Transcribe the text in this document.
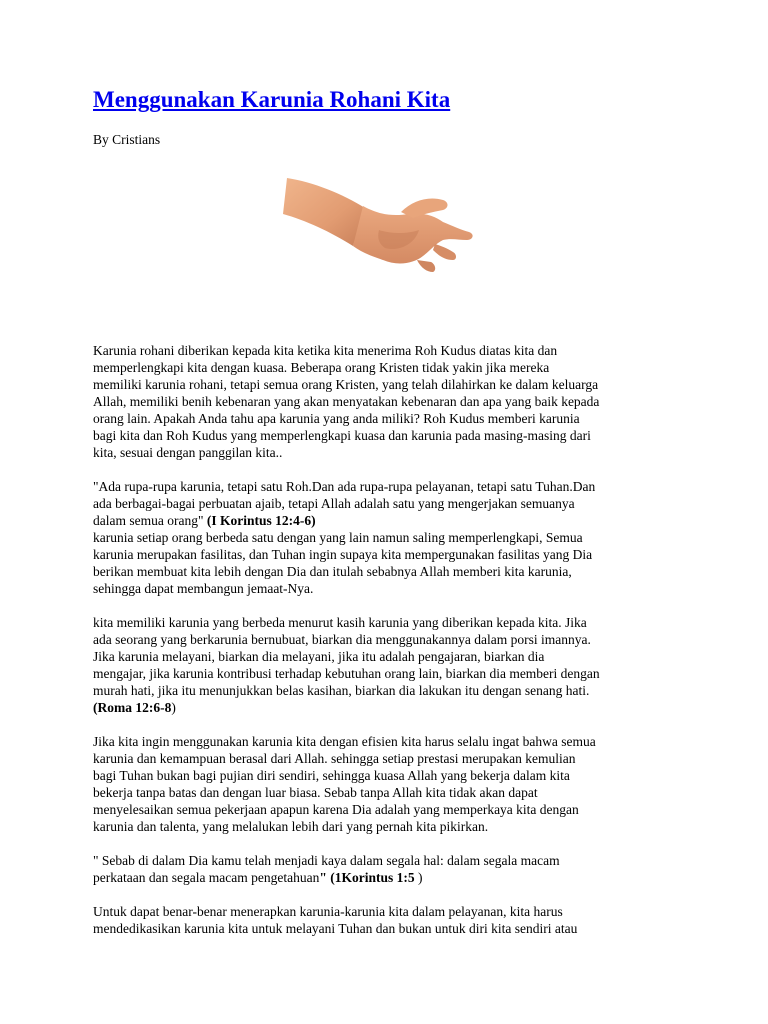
Menggunakan Karunia Rohani Kita
By Cristians
Karunia rohani diberikan kepada kita ketika kita menerima Roh Kudus diatas kita dan
memperlengkapi kita dengan kuasa. Beberapa orang Kristen tidak yakin jika mereka
memiliki karunia rohani, tetapi semua orang Kristen, yang telah dilahirkan ke dalam keluarga
Allah, memiliki benih kebenaran yang akan menyatakan kebenaran dan apa yang baik kepada
orang lain. Apakah Anda tahu apa karunia yang anda miliki? Roh Kudus memberi karunia
bagi kita dan Roh Kudus yang memperlengkapi kuasa dan karunia pada masing-masing dari
kita, sesuai dengan panggilan kita..
"Ada rupa-rupa karunia, tetapi satu Roh.Dan ada rupa-rupa pelayanan, tetapi satu Tuhan.Dan
ada berbagai-bagai perbuatan ajaib, tetapi Allah adalah satu yang mengerjakan semuanya
dalam semua orang" (I Korintus 12:4-6)
karunia setiap orang berbeda satu dengan yang lain namun saling memperlengkapi, Semua
karunia merupakan fasilitas, dan Tuhan ingin supaya kita mempergunakan fasilitas yang Dia
berikan membuat kita lebih dengan Dia dan itulah sebabnya Allah memberi kita karunia,
sehingga dapat membangun jemaat-Nya.
kita memiliki karunia yang berbeda menurut kasih karunia yang diberikan kepada kita. Jika
ada seorang yang berkarunia bernubuat, biarkan dia menggunakannya dalam porsi imannya.
Jika karunia melayani, biarkan dia melayani, jika itu adalah pengajaran, biarkan dia
mengajar, jika karunia kontribusi terhadap kebutuhan orang lain, biarkan dia memberi dengan
murah hati, jika itu menunjukkan belas kasihan, biarkan dia lakukan itu dengan senang hati.
(Roma 12:6-8)
Jika kita ingin menggunakan karunia kita dengan efisien kita harus selalu ingat bahwa semua
karunia dan kemampuan berasal dari Allah. sehingga setiap prestasi merupakan kemulian
bagi Tuhan bukan bagi pujian diri sendiri, sehingga kuasa Allah yang bekerja dalam kita
bekerja tanpa batas dan dengan luar biasa. Sebab tanpa Allah kita tidak akan dapat
menyelesaikan semua pekerjaan apapun karena Dia adalah yang memperkaya kita dengan
karunia dan talenta, yang melalukan lebih dari yang pernah kita pikirkan.
" Sebab di dalam Dia kamu telah menjadi kaya dalam segala hal: dalam segala macam
perkataan dan segala macam pengetahuan" (1Korintus 1:5 )
Untuk dapat benar-benar menerapkan karunia-karunia kita dalam pelayanan, kita harus
mendedikasikan karunia kita untuk melayani Tuhan dan bukan untuk diri kita sendiri atau
